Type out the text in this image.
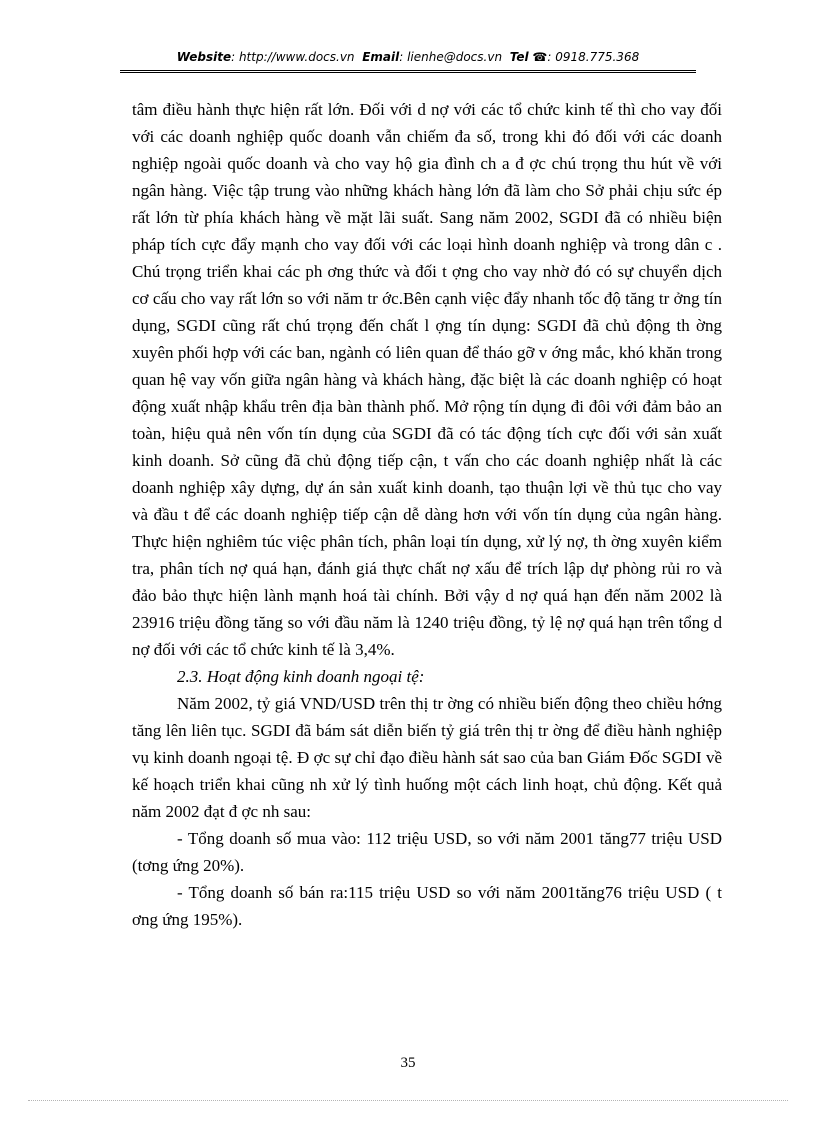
Website: http://www.docs.vn Email: lienhe@docs.vn Tel ☎: 0918.775.368

tâm điều hành thực hiện rất lớn. Đối với d nợ với các tổ chức kinh tế thì cho vay đối với các doanh nghiệp quốc doanh vẫn chiếm đa số, trong khi đó đối với các doanh nghiệp ngoài quốc doanh và cho vay hộ gia đình ch a đ ợc chú trọng thu hút về với ngân hàng. Việc tập trung vào những khách hàng lớn đã làm cho Sở phải chịu sức ép rất lớn từ phía khách hàng về mặt lãi suất. Sang năm 2002, SGDI đã có nhiều biện pháp tích cực đẩy mạnh cho vay đối với các loại hình doanh nghiệp và trong dân c . Chú trọng triển khai các ph ơng thức và đối t ợng cho vay nhờ đó có sự chuyển dịch cơ cấu cho vay rất lớn so với năm tr ớc.Bên cạnh việc đẩy nhanh tốc độ tăng tr ởng tín dụng, SGDI cũng rất chú trọng đến chất l ợng tín dụng: SGDI đã chủ động th ờng xuyên phối hợp với các ban, ngành có liên quan để tháo gỡ v ớng mắc, khó khăn trong quan hệ vay vốn giữa ngân hàng và khách hàng, đặc biệt là các doanh nghiệp có hoạt động xuất nhập khẩu trên địa bàn thành phố. Mở rộng tín dụng đi đôi với đảm bảo an toàn, hiệu quả nên vốn tín dụng của SGDI đã có tác động tích cực đối với sản xuất kinh doanh. Sở cũng đã chủ động tiếp cận, t vấn cho các doanh nghiệp nhất là các doanh nghiệp xây dựng, dự án sản xuất kinh doanh, tạo thuận lợi về thủ tục cho vay và đầu t để các doanh nghiệp tiếp cận dễ dàng hơn với vốn tín dụng của ngân hàng. Thực hiện nghiêm túc việc phân tích, phân loại tín dụng, xử lý nợ, th ờng xuyên kiểm tra, phân tích nợ quá hạn, đánh giá thực chất nợ xấu để trích lập dự phòng rủi ro và đảo bảo thực hiện lành mạnh hoá tài chính. Bởi vậy d nợ quá hạn đến năm 2002 là 23916 triệu đồng tăng so với đầu năm là 1240 triệu đồng, tỷ lệ nợ quá hạn trên tổng d nợ đối với các tổ chức kinh tế là 3,4%.

2.3. Hoạt động kinh doanh ngoại tệ:

Năm 2002, tỷ giá VND/USD trên thị tr ờng có nhiều biến động theo chiều hớng tăng lên liên tục. SGDI đã bám sát diễn biến tỷ giá trên thị tr ờng để điều hành nghiệp vụ kinh doanh ngoại tệ. Đ ợc sự chỉ đạo điều hành sát sao của ban Giám Đốc SGDI về kế hoạch triển khai cũng nh xử lý tình huống một cách linh hoạt, chủ động. Kết quả năm 2002 đạt đ ợc nh sau:

- Tổng doanh số mua vào: 112 triệu USD, so với năm 2001 tăng77 triệu USD (tơng ứng 20%).

- Tổng doanh số bán ra:115 triệu USD so với năm 2001tăng76 triệu USD ( t ơng ứng 195%).

35
